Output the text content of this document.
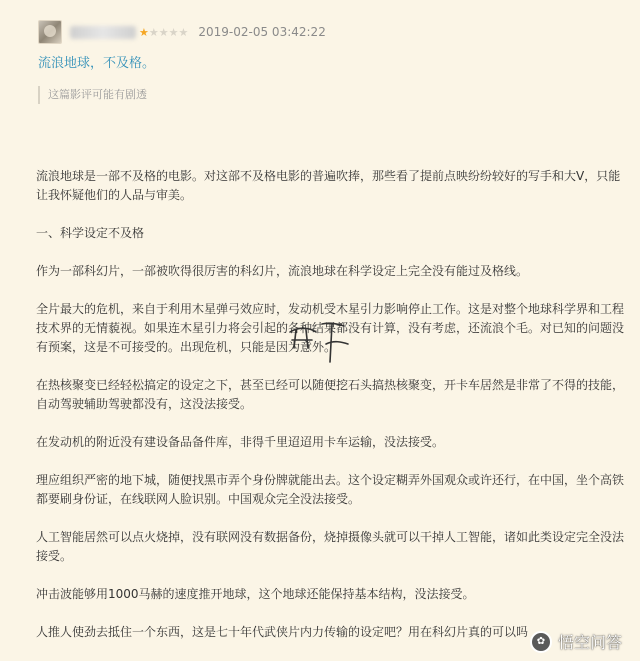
★★★★★ 2019-02-05 03:42:22
流浪地球，不及格。
这篇影评可能有剧透

流浪地球是一部不及格的电影。对这部不及格电影的普遍吹捧，那些看了提前点映纷纷较好的写手和大V，只能让我怀疑他们的人品与审美。

一、科学设定不及格

作为一部科幻片，一部被吹得很厉害的科幻片，流浪地球在科学设定上完全没有能过及格线。

全片最大的危机，来自于利用木星弹弓效应时，发动机受木星引力影响停止工作。这是对整个地球科学界和工程技术界的无情藐视。如果连木星引力将会引起的各种结果都没有计算，没有考虑，还流浪个毛。对已知的问题没有预案，这是不可接受的。出现危机，只能是因为意外。

在热核聚变已经轻松搞定的设定之下，甚至已经可以随便挖石头搞热核聚变，开卡车居然是非常了不得的技能，自动驾驶辅助驾驶都没有，这没法接受。

在发动机的附近没有建设备品备件库，非得千里迢迢用卡车运输，没法接受。

理应组织严密的地下城，随便找黑市弄个身份牌就能出去。这个设定糊弄外国观众或许还行，在中国，坐个高铁都要刷身份证，在线联网人脸识别。中国观众完全没法接受。

人工智能居然可以点火烧掉，没有联网没有数据备份，烧掉摄像头就可以干掉人工智能，诸如此类设定完全没法接受。

冲击波能够用1000马赫的速度推开地球，这个地球还能保持基本结构，没法接受。

人推人使劲去抵住一个东西，这是七十年代武侠片内力传输的设定吧？用在科幻片真的可以吗

✿ 悟空问答
